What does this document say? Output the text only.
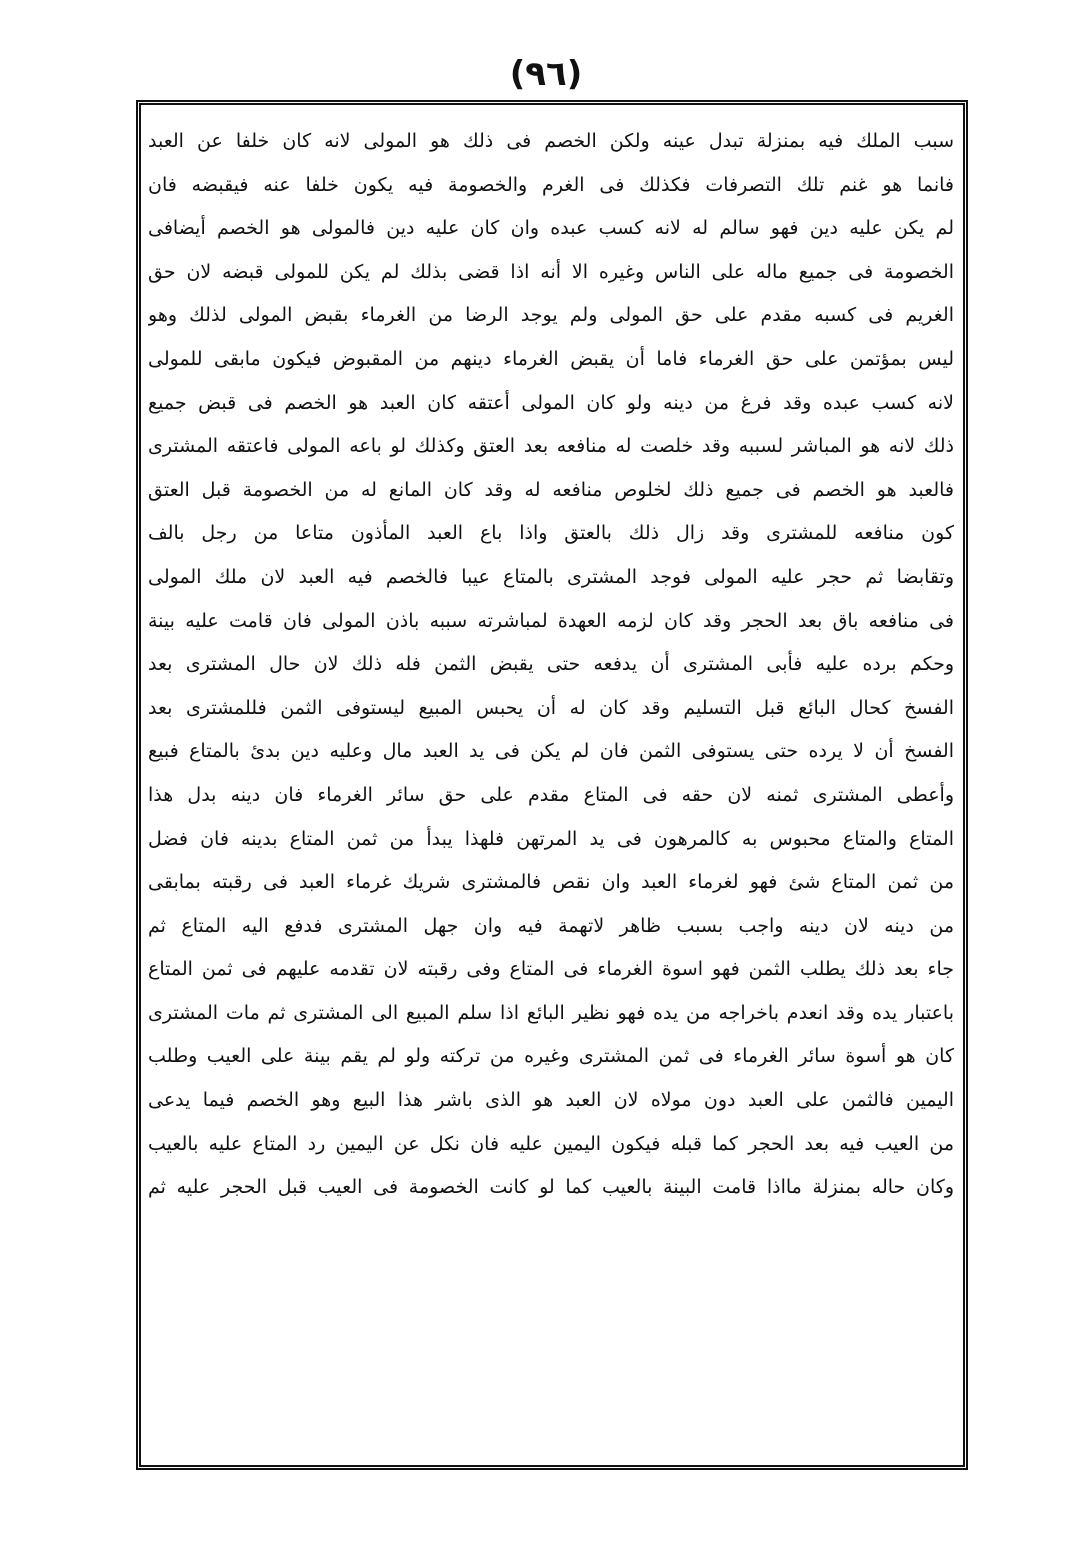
(٩٦)
سبب الملك فيه بمنزلة تبدل عينه ولكن الخصم فى ذلك هو المولى لانه كان خلفا عن العبد
فانما هو غنم تلك التصرفات فكذلك فى الغرم والخصومة فيه يكون خلفا عنه فيقبضه فان
لم يكن عليه دين فهو سالم له لانه كسب عبده وان كان عليه دين فالمولى هو الخصم أيضافى
الخصومة فى جميع ماله على الناس وغيره الا أنه اذا قضى بذلك لم يكن للمولى قبضه لان حق
الغريم فى كسبه مقدم على حق المولى ولم يوجد الرضا من الغرماء بقبض المولى لذلك وهو
ليس بمؤتمن على حق الغرماء فاما أن يقبض الغرماء دينهم من المقبوض فيكون مابقى للمولى
لانه كسب عبده وقد فرغ من دينه ولو كان المولى أعتقه كان العبد هو الخصم فى قبض جميع
ذلك لانه هو المباشر لسببه وقد خلصت له منافعه بعد العتق وكذلك لو باعه المولى فاعتقه المشترى
فالعبد هو الخصم فى جميع ذلك لخلوص منافعه له وقد كان المانع له من الخصومة قبل العتق
كون منافعه للمشترى وقد زال ذلك بالعتق واذا باع العبد المأذون متاعا من رجل بالف
وتقابضا ثم حجر عليه المولى فوجد المشترى بالمتاع عيبا فالخصم فيه العبد لان ملك المولى
فى منافعه باق بعد الحجر وقد كان لزمه العهدة لمباشرته سببه باذن المولى فان قامت عليه بينة
وحكم برده عليه فأبى المشترى أن يدفعه حتى يقبض الثمن فله ذلك لان حال المشترى بعد
الفسخ كحال البائع قبل التسليم وقد كان له أن يحبس المبيع ليستوفى الثمن فللمشترى بعد
الفسخ أن لا يرده حتى يستوفى الثمن فان لم يكن فى يد العبد مال وعليه دين بدئ بالمتاع فبيع
وأعطى المشترى ثمنه لان حقه فى المتاع مقدم على حق سائر الغرماء فان دينه بدل هذا
المتاع والمتاع محبوس به كالمرهون فى يد المرتهن فلهذا يبدأ من ثمن المتاع بدينه فان فضل
من ثمن المتاع شئ فهو لغرماء العبد وان نقص فالمشترى شريك غرماء العبد فى رقبته بمابقى
من دينه لان دينه واجب بسبب ظاهر لاتهمة فيه وان جهل المشترى فدفع اليه المتاع ثم
جاء بعد ذلك يطلب الثمن فهو اسوة الغرماء فى المتاع وفى رقبته لان تقدمه عليهم فى ثمن المتاع
باعتبار يده وقد انعدم باخراجه من يده فهو نظير البائع اذا سلم المبيع الى المشترى ثم مات المشترى
كان هو أسوة سائر الغرماء فى ثمن المشترى وغيره من تركته ولو لم يقم بينة على العيب وطلب
اليمين فالثمن على العبد دون مولاه لان العبد هو الذى باشر هذا البيع وهو الخصم فيما يدعى
من العيب فيه بعد الحجر كما قبله فيكون اليمين عليه فان نكل عن اليمين رد المتاع عليه بالعيب
وكان حاله بمنزلة مااذا قامت البينة بالعيب كما لو كانت الخصومة فى العيب قبل الحجر عليه ثم
